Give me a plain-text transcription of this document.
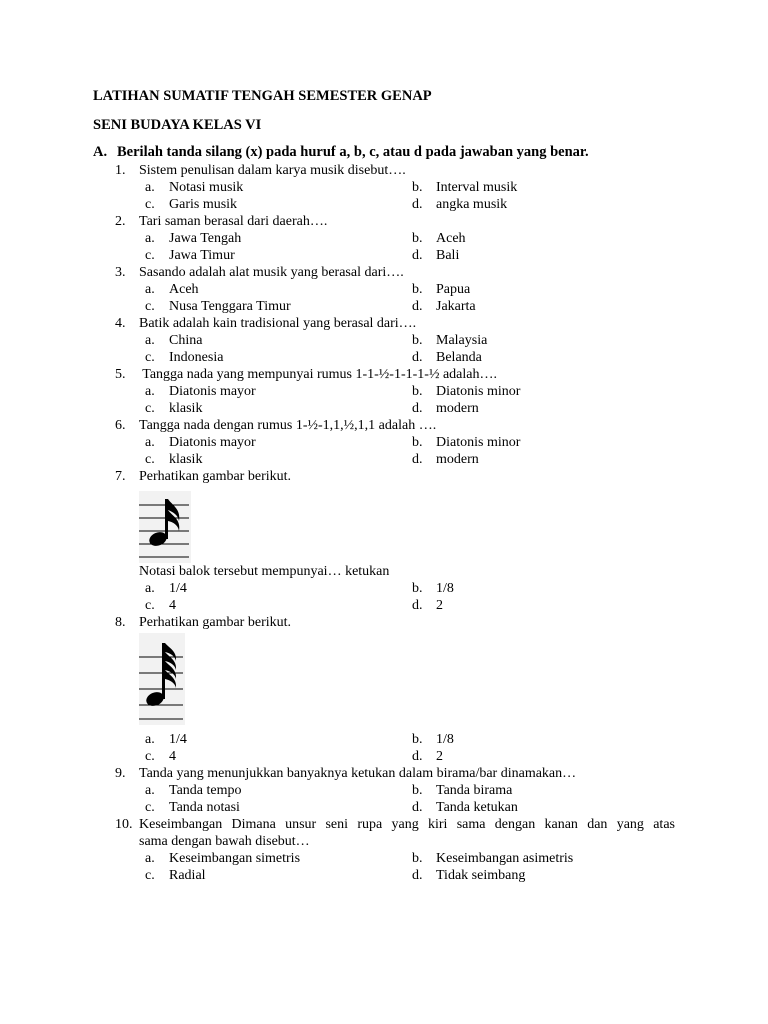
LATIHAN SUMATIF TENGAH SEMESTER GENAP
SENI BUDAYA KELAS VI
A. Berilah tanda silang (x) pada huruf a, b, c, atau d pada jawaban yang benar.
1. Sistem penulisan dalam karya musik disebut….
a.	Notasi musik	b. Interval musik
c.	Garis musik	d. angka musik
2. Tari saman berasal dari daerah….
a.	Jawa Tengah	b. Aceh
c.	Jawa Timur	d. Bali
3. Sasando adalah alat musik yang berasal dari….
a.	Aceh	b. Papua
c.	Nusa Tenggara Timur	d. Jakarta
4. Batik adalah kain tradisional yang berasal dari….
a.	China	b. Malaysia
c.	Indonesia	d. Belanda
5. Tangga nada yang mempunyai rumus 1-1-½-1-1-1-½ adalah….
a.	Diatonis mayor	b. Diatonis minor
c.	klasik	d. modern
6. Tangga nada dengan rumus 1-½-1,1,½,1,1 adalah ….
a.	Diatonis mayor	b. Diatonis minor
c.	klasik	d. modern
7. Perhatikan gambar berikut.
Notasi balok tersebut mempunyai… ketukan
a.	1/4	b. 1/8
c.	4	d. 2
8. Perhatikan gambar berikut.
a.	1/4	b. 1/8
c.	4	d. 2
9. Tanda yang menunjukkan banyaknya ketukan dalam birama/bar dinamakan…
a.	Tanda tempo	b. Tanda birama
c.	Tanda notasi	d. Tanda ketukan
10. Keseimbangan Dimana unsur seni rupa yang kiri sama dengan kanan dan yang atas
sama dengan bawah disebut…
a.	Keseimbangan simetris	b. Keseimbangan asimetris
c.	Radial	d. Tidak seimbang
